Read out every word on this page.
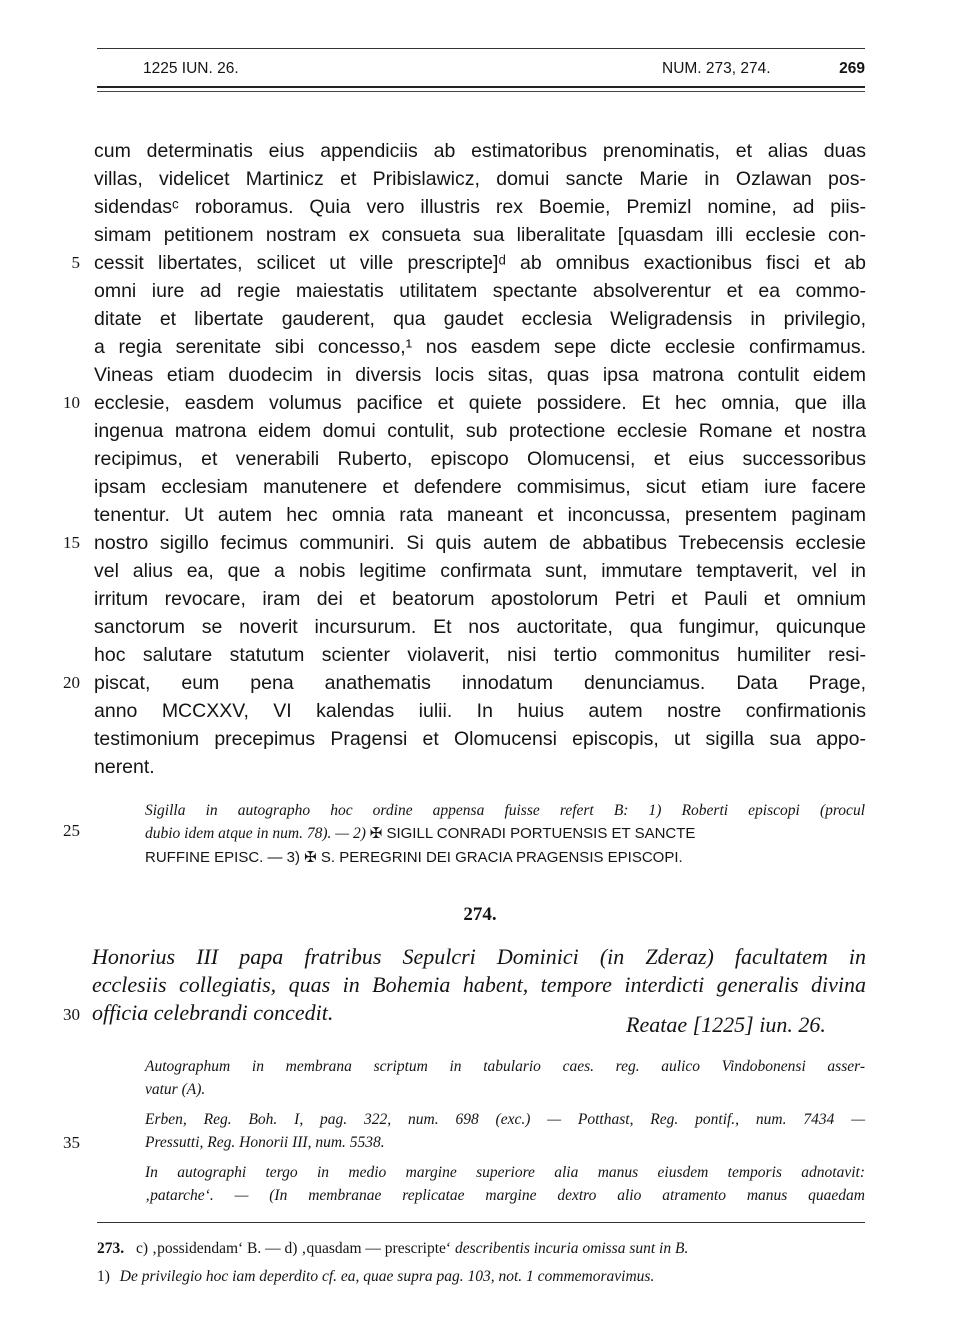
1225 IUN. 26.	NUM. 273, 274.	269
cum determinatis eius appendiciis ab estimatoribus prenominatis, et alias duas
villas, videlicet Martinicz et Pribislawicz, domui sancte Marie in Ozlawan pos-
sidendasᶜ roboramus. Quia vero illustris rex Boemie, Premizl nomine, ad piis-
simam petitionem nostram ex consueta sua liberalitate [quasdam illi ecclesie con-
cessit libertates, scilicet ut ville prescripte]ᵈ ab omnibus exactionibus fisci et ab
omni iure ad regie maiestatis utilitatem spectante absolverentur et ea commo-
ditate et libertate gauderent, qua gaudet ecclesia Weligradensis in privilegio,
a regia serenitate sibi concesso,¹ nos easdem sepe dicte ecclesie confirmamus.
Vineas etiam duodecim in diversis locis sitas, quas ipsa matrona contulit eidem
ecclesie, easdem volumus pacifice et quiete possidere. Et hec omnia, que illa
ingenua matrona eidem domui contulit, sub protectione ecclesie Romane et nostra
recipimus, et venerabili Ruberto, episcopo Olomucensi, et eius successoribus
ipsam ecclesiam manutenere et defendere commisimus, sicut etiam iure facere
tenentur. Ut autem hec omnia rata maneant et inconcussa, presentem paginam
nostro sigillo fecimus communiri. Si quis autem de abbatibus Trebecensis ecclesie
vel alius ea, que a nobis legitime confirmata sunt, immutare temptaverit, vel in
irritum revocare, iram dei et beatorum apostolorum Petri et Pauli et omnium
sanctorum se noverit incursurum. Et nos auctoritate, qua fungimur, quicunque
hoc salutare statutum scienter violaverit, nisi tertio commonitus humiliter resi-
piscat, eum pena anathematis innodatum denunciamus. Data Prage,
anno MCCXXV, VI kalendas iulii. In huius autem nostre confirmationis
testimonium precepimus Pragensi et Olomucensi episcopis, ut sigilla sua appo-
nerent.
5
10
15
20
25
30
35
Sigilla in autographo hoc ordine appensa fuisse refert B: 1) Roberti episcopi (procul
dubio idem atque in num. 78). — 2) ✠ SIGILL CONRADI PORTUENSIS ET SANCTE
RUFFINE EPISC. — 3) ✠ S. PEREGRINI DEI GRACIA PRAGENSIS EPISCOPI.
274.
Honorius III papa fratribus Sepulcri Dominici (in Zderaz) facultatem in
ecclesiis collegiatis, quas in Bohemia habent, tempore interdicti generalis divina
officia celebrandi concedit.	Reatae [1225] iun. 26.
Autographum in membrana scriptum in tabulario caes. reg. aulico Vindobonensi asser-
vatur (A).
Erben, Reg. Boh. I, pag. 322, num. 698 (exc.) — Potthast, Reg. pontif., num. 7434 —
Pressutti, Reg. Honorii III, num. 5538.
In autographi tergo in medio margine superiore alia manus eiusdem temporis adnotavit:
‚patarche‘. — (In membranae replicatae margine dextro alio atramento manus quaedam
273. c) ‚possidendam‘ B. — d) ‚quasdam — prescripte‘ describentis incuria omissa sunt in B.
1) De privilegio hoc iam deperdito cf. ea, quae supra pag. 103, not. 1 commemoravimus.
